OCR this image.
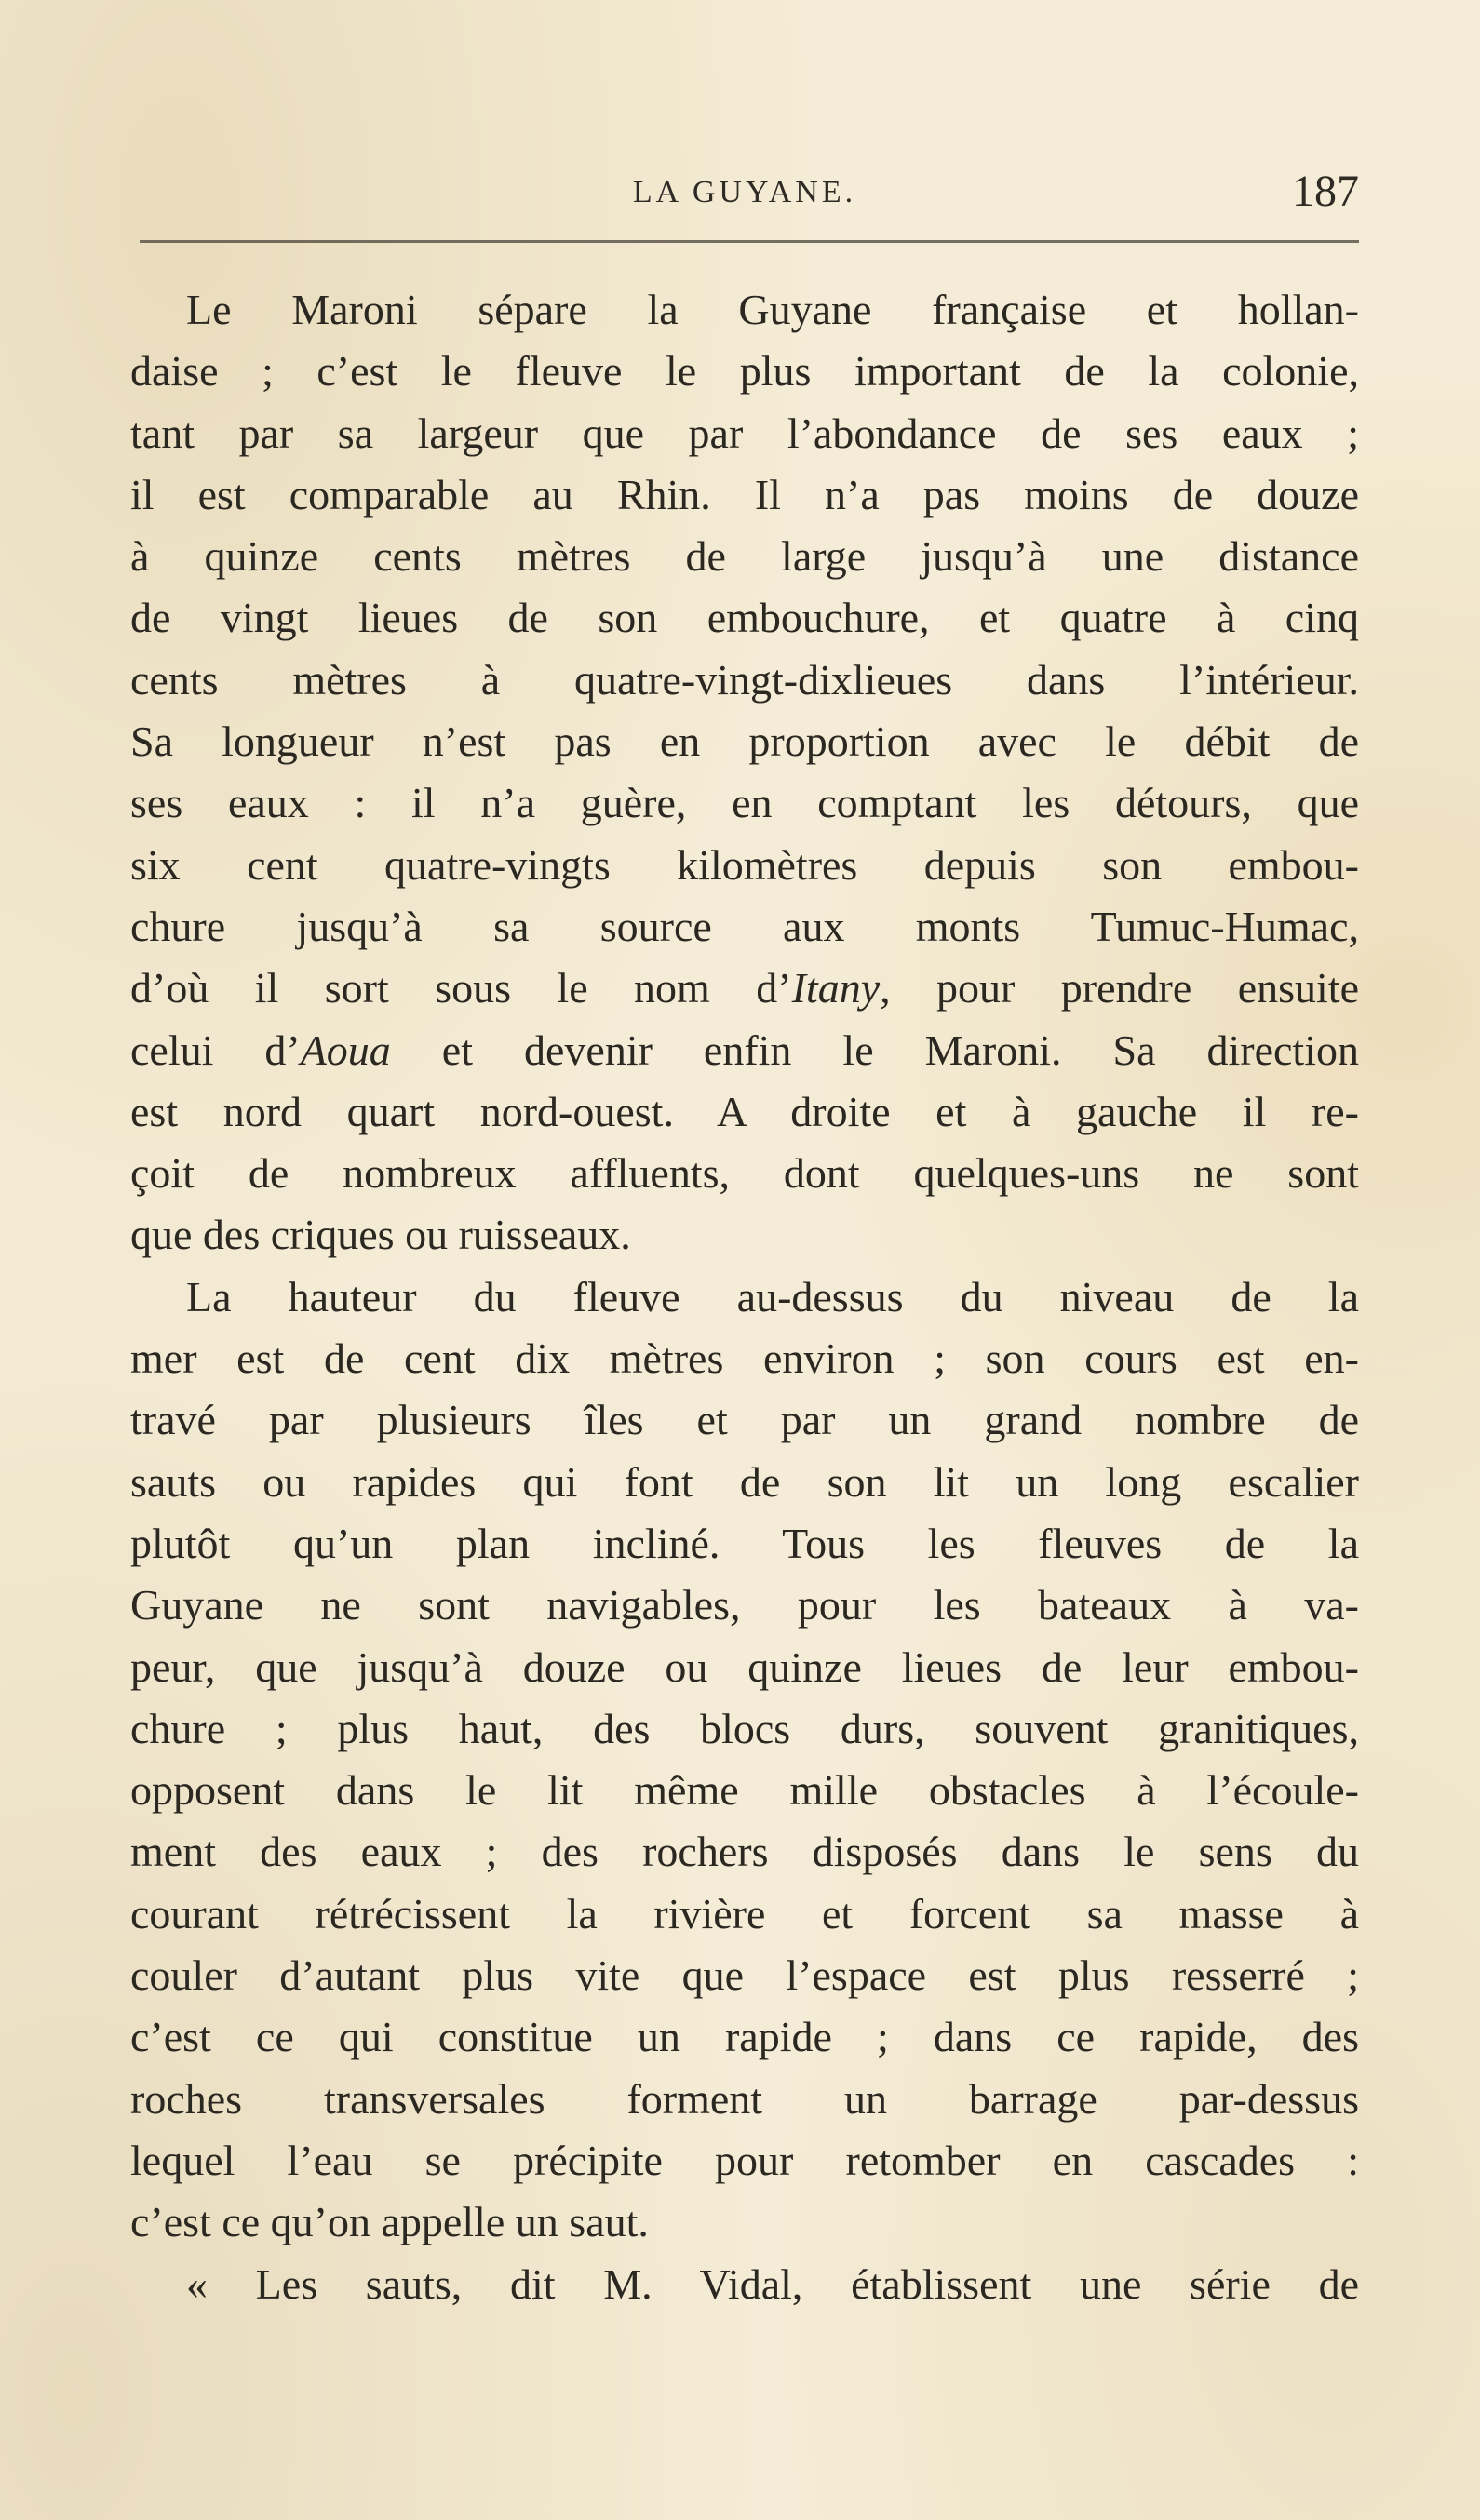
LA GUYANE.	187
Le Maroni sépare la Guyane française et hollan-
daise ; c’est le fleuve le plus important de la colonie,
tant par sa largeur que par l’abondance de ses eaux ;
il est comparable au Rhin. Il n’a pas moins de douze
à quinze cents mètres de large jusqu’à une distance
de vingt lieues de son embouchure, et quatre à cinq
cents mètres à quatre-vingt-dixlieues dans l’intérieur.
Sa longueur n’est pas en proportion avec le débit de
ses eaux : il n’a guère, en comptant les détours, que
six cent quatre-vingts kilomètres depuis son embou-
chure jusqu’à sa source aux monts Tumuc-Humac,
d’où il sort sous le nom d’Itany, pour prendre ensuite
celui d’Aoua et devenir enfin le Maroni. Sa direction
est nord quart nord-ouest. A droite et à gauche il re-
çoit de nombreux affluents, dont quelques-uns ne sont
que des criques ou ruisseaux.
La hauteur du fleuve au-dessus du niveau de la
mer est de cent dix mètres environ ; son cours est en-
travé par plusieurs îles et par un grand nombre de
sauts ou rapides qui font de son lit un long escalier
plutôt qu’un plan incliné. Tous les fleuves de la
Guyane ne sont navigables, pour les bateaux à va-
peur, que jusqu’à douze ou quinze lieues de leur embou-
chure ; plus haut, des blocs durs, souvent granitiques,
opposent dans le lit même mille obstacles à l’écoule-
ment des eaux ; des rochers disposés dans le sens du
courant rétrécissent la rivière et forcent sa masse à
couler d’autant plus vite que l’espace est plus resserré ;
c’est ce qui constitue un rapide ; dans ce rapide, des
roches transversales forment un barrage par-dessus
lequel l’eau se précipite pour retomber en cascades :
c’est ce qu’on appelle un saut.
« Les sauts, dit M. Vidal, établissent une série de
